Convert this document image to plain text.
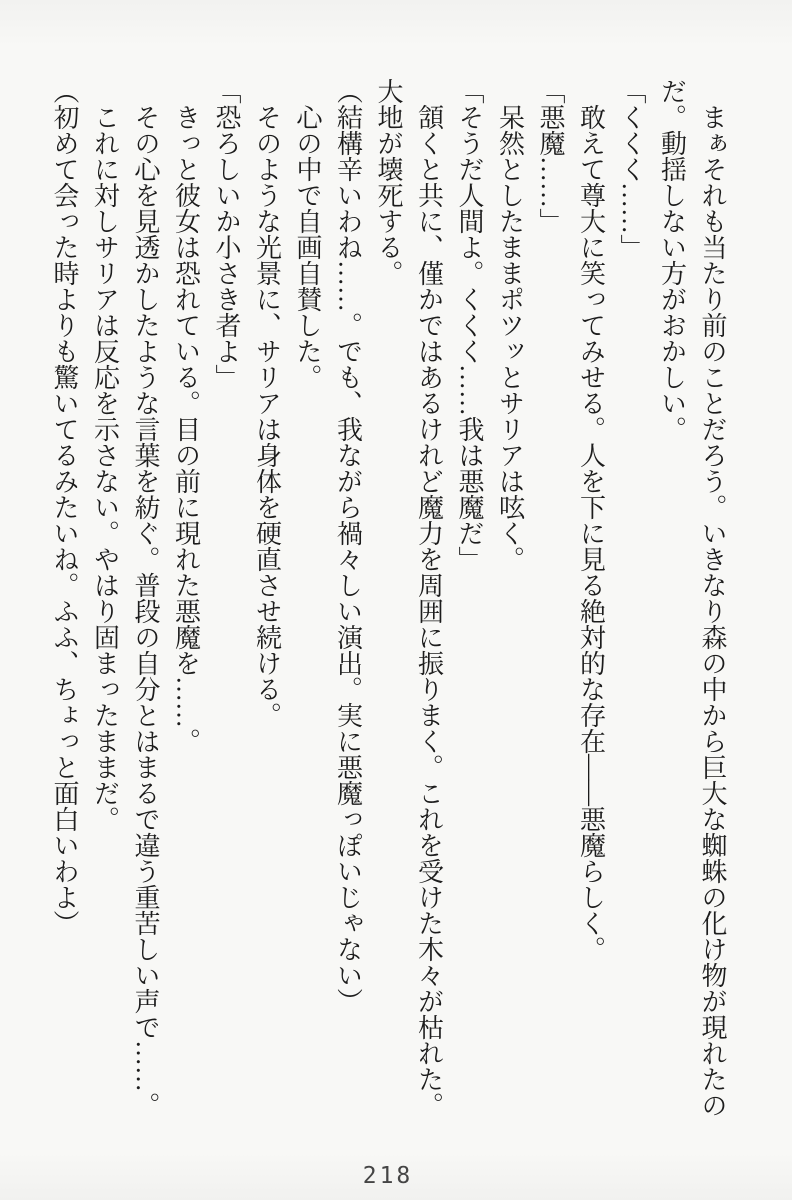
　まぁそれも当たり前のことだろう。いきなり森の中から巨大な蜘蛛の化け物が現れたのだ。動揺しない方がおかしい。

「くくく……」

　敢えて尊大に笑ってみせる。人を下に見る絶対的な存在――悪魔らしく。

「悪魔……」

　呆然としたままポツッとサリアは呟く。

「そうだ人間よ。くくく……我は悪魔だ」

　頷くと共に、僅かではあるけれど魔力を周囲に振りまく。これを受けた木々が枯れた。大地が壊死する。

（結構辛いわね……。でも、我ながら禍々しい演出。実に悪魔っぽいじゃない）

　心の中で自画自賛した。

　そのような光景に、サリアは身体を硬直させ続ける。

「恐ろしいか小さき者よ」

　きっと彼女は恐れている。目の前に現れた悪魔を……。

　その心を見透かしたような言葉を紡ぐ。普段の自分とはまるで違う重苦しい声で……。

　これに対しサリアは反応を示さない。やはり固まったままだ。

（初めて会った時よりも驚いてるみたいね。ふふ、ちょっと面白いわよ）

218
